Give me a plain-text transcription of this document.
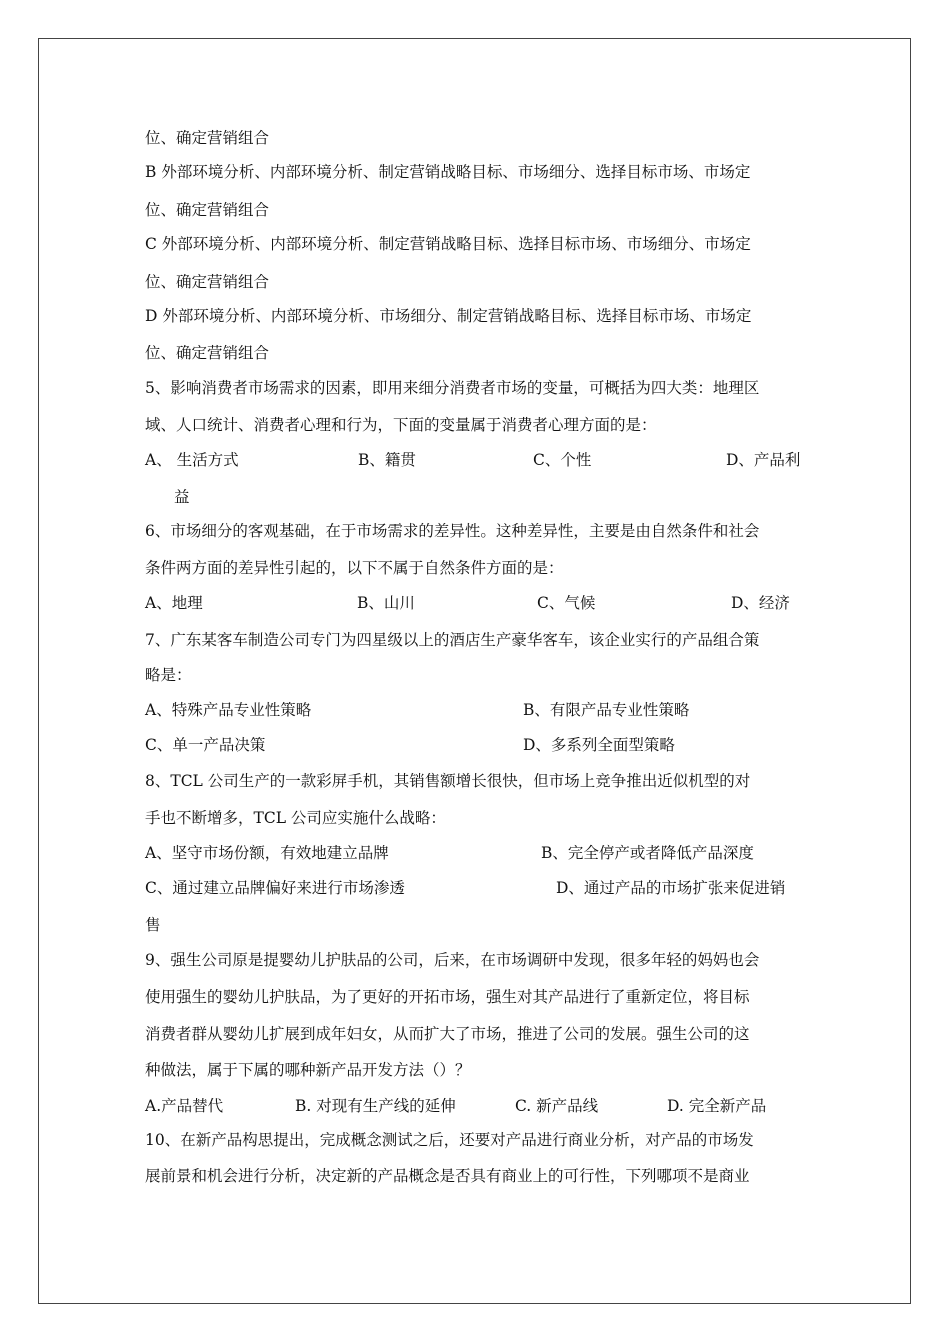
位、确定营销组合
B 外部环境分析、内部环境分析、制定营销战略目标、市场细分、选择目标市场、市场定
位、确定营销组合
C 外部环境分析、内部环境分析、制定营销战略目标、选择目标市场、市场细分、市场定
位、确定营销组合
D 外部环境分析、内部环境分析、市场细分、制定营销战略目标、选择目标市场、市场定
位、确定营销组合
5、影响消费者市场需求的因素，即用来细分消费者市场的变量，可概括为四大类：地理区
域、人口统计、消费者心理和行为，下面的变量属于消费者心理方面的是：
A、 生活方式	B、籍贯	C、个性	D、产品利
益
6、市场细分的客观基础，在于市场需求的差异性。这种差异性，主要是由自然条件和社会
条件两方面的差异性引起的，以下不属于自然条件方面的是：
A、地理	B、山川	C、气候	D、经济
7、广东某客车制造公司专门为四星级以上的酒店生产豪华客车，该企业实行的产品组合策
略是：
A、特殊产品专业性策略	B、有限产品专业性策略
C、单一产品决策	D、多系列全面型策略
8、TCL 公司生产的一款彩屏手机，其销售额增长很快，但市场上竞争推出近似机型的对
手也不断增多，TCL 公司应实施什么战略：
A、坚守市场份额，有效地建立品牌	B、完全停产或者降低产品深度
C、通过建立品牌偏好来进行市场渗透	D、通过产品的市场扩张来促进销
售
9、强生公司原是提婴幼儿护肤品的公司，后来，在市场调研中发现，很多年轻的妈妈也会
使用强生的婴幼儿护肤品，为了更好的开拓市场，强生对其产品进行了重新定位，将目标
消费者群从婴幼儿扩展到成年妇女，从而扩大了市场，推进了公司的发展。强生公司的这
种做法，属于下属的哪种新产品开发方法（）？
A.产品替代	B. 对现有生产线的延伸	C. 新产品线	D. 完全新产品
10、在新产品构思提出，完成概念测试之后，还要对产品进行商业分析，对产品的市场发
展前景和机会进行分析，决定新的产品概念是否具有商业上的可行性，下列哪项不是商业
